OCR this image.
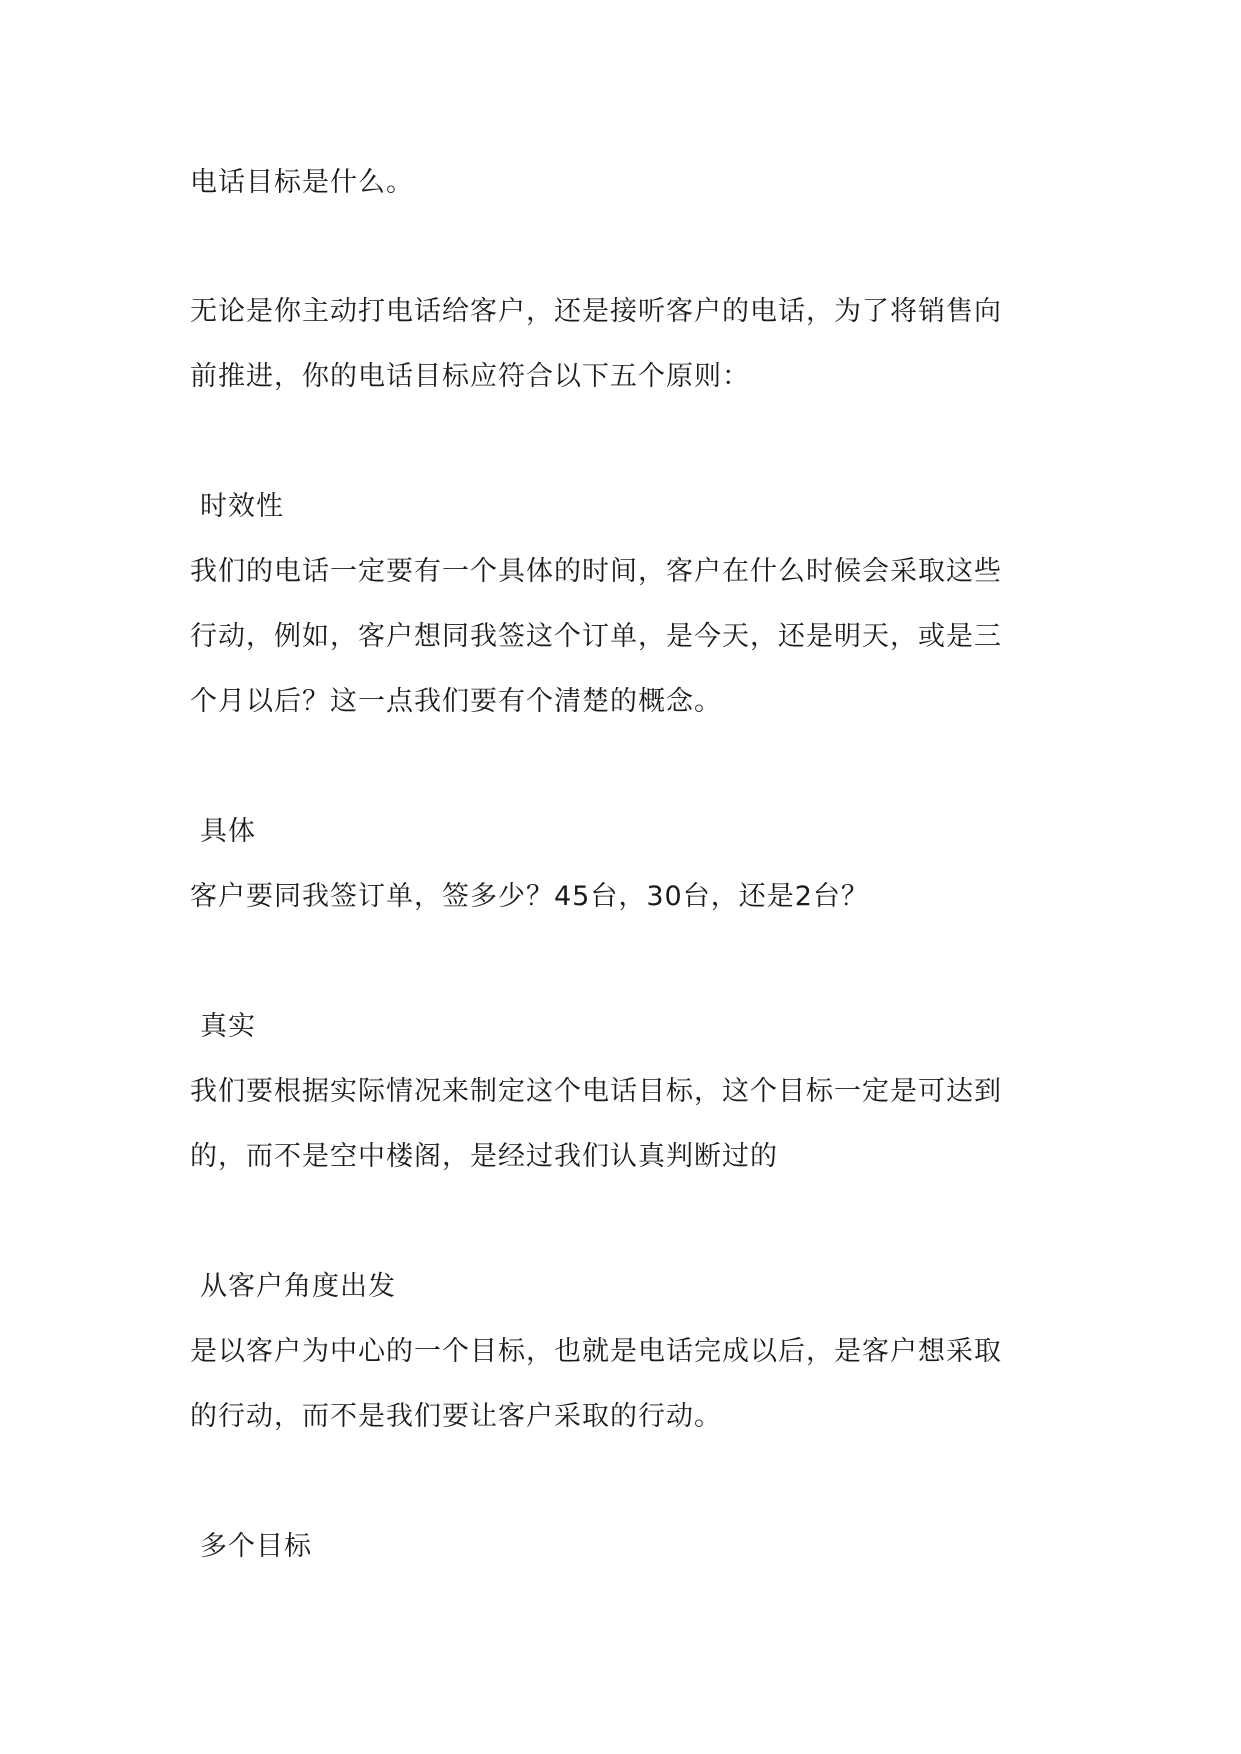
电话目标是什么。

无论是你主动打电话给客户，还是接听客户的电话，为了将销售向

前推进，你的电话目标应符合以下五个原则：

时效性

我们的电话一定要有一个具体的时间，客户在什么时候会采取这些

行动，例如，客户想同我签这个订单，是今天，还是明天，或是三

个月以后？这一点我们要有个清楚的概念。

具体

客户要同我签订单，签多少？45台，30台，还是2台？

真实

我们要根据实际情况来制定这个电话目标，这个目标一定是可达到

的，而不是空中楼阁，是经过我们认真判断过的

从客户角度出发

是以客户为中心的一个目标，也就是电话完成以后，是客户想采取

的行动，而不是我们要让客户采取的行动。

多个目标
